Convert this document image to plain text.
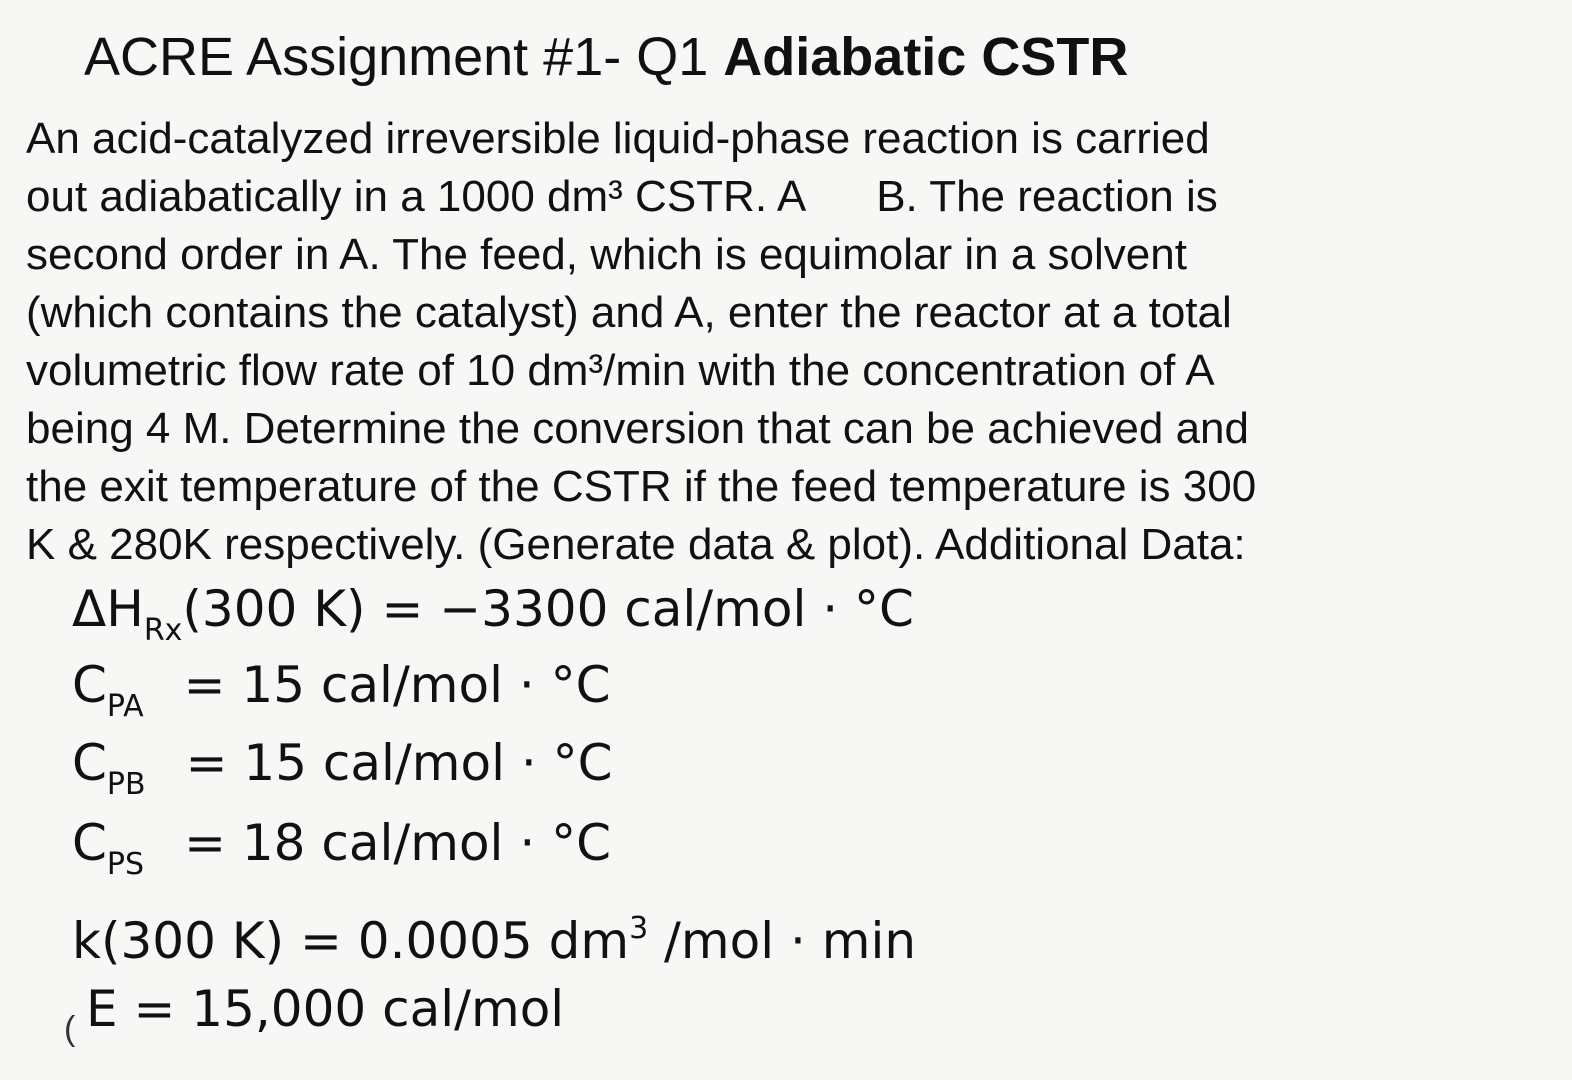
ACRE Assignment #1- Q1 Adiabatic CSTR
An acid-catalyzed irreversible liquid-phase reaction is carried
out adiabatically in a 1000 dm³ CSTR. A B. The reaction is
second order in A. The feed, which is equimolar in a solvent
(which contains the catalyst) and A, enter the reactor at a total
volumetric flow rate of 10 dm³/min with the concentration of A
being 4 M. Determine the conversion that can be achieved and
the exit temperature of the CSTR if the feed temperature is 300
K & 280K respectively. (Generate data & plot). Additional Data:
$\Delta H_{Rx}(300$ K) = −3300 cal/mol · °C
$C_{PA} = 15$ cal/mol · °C
$C_{PB} = 15$ cal/mol · °C
$C_{PS} = 18$ cal/mol · °C
k(300 K) = 0.0005 $dm^3$ /mol · min
E = 15,000 cal/mol
(
